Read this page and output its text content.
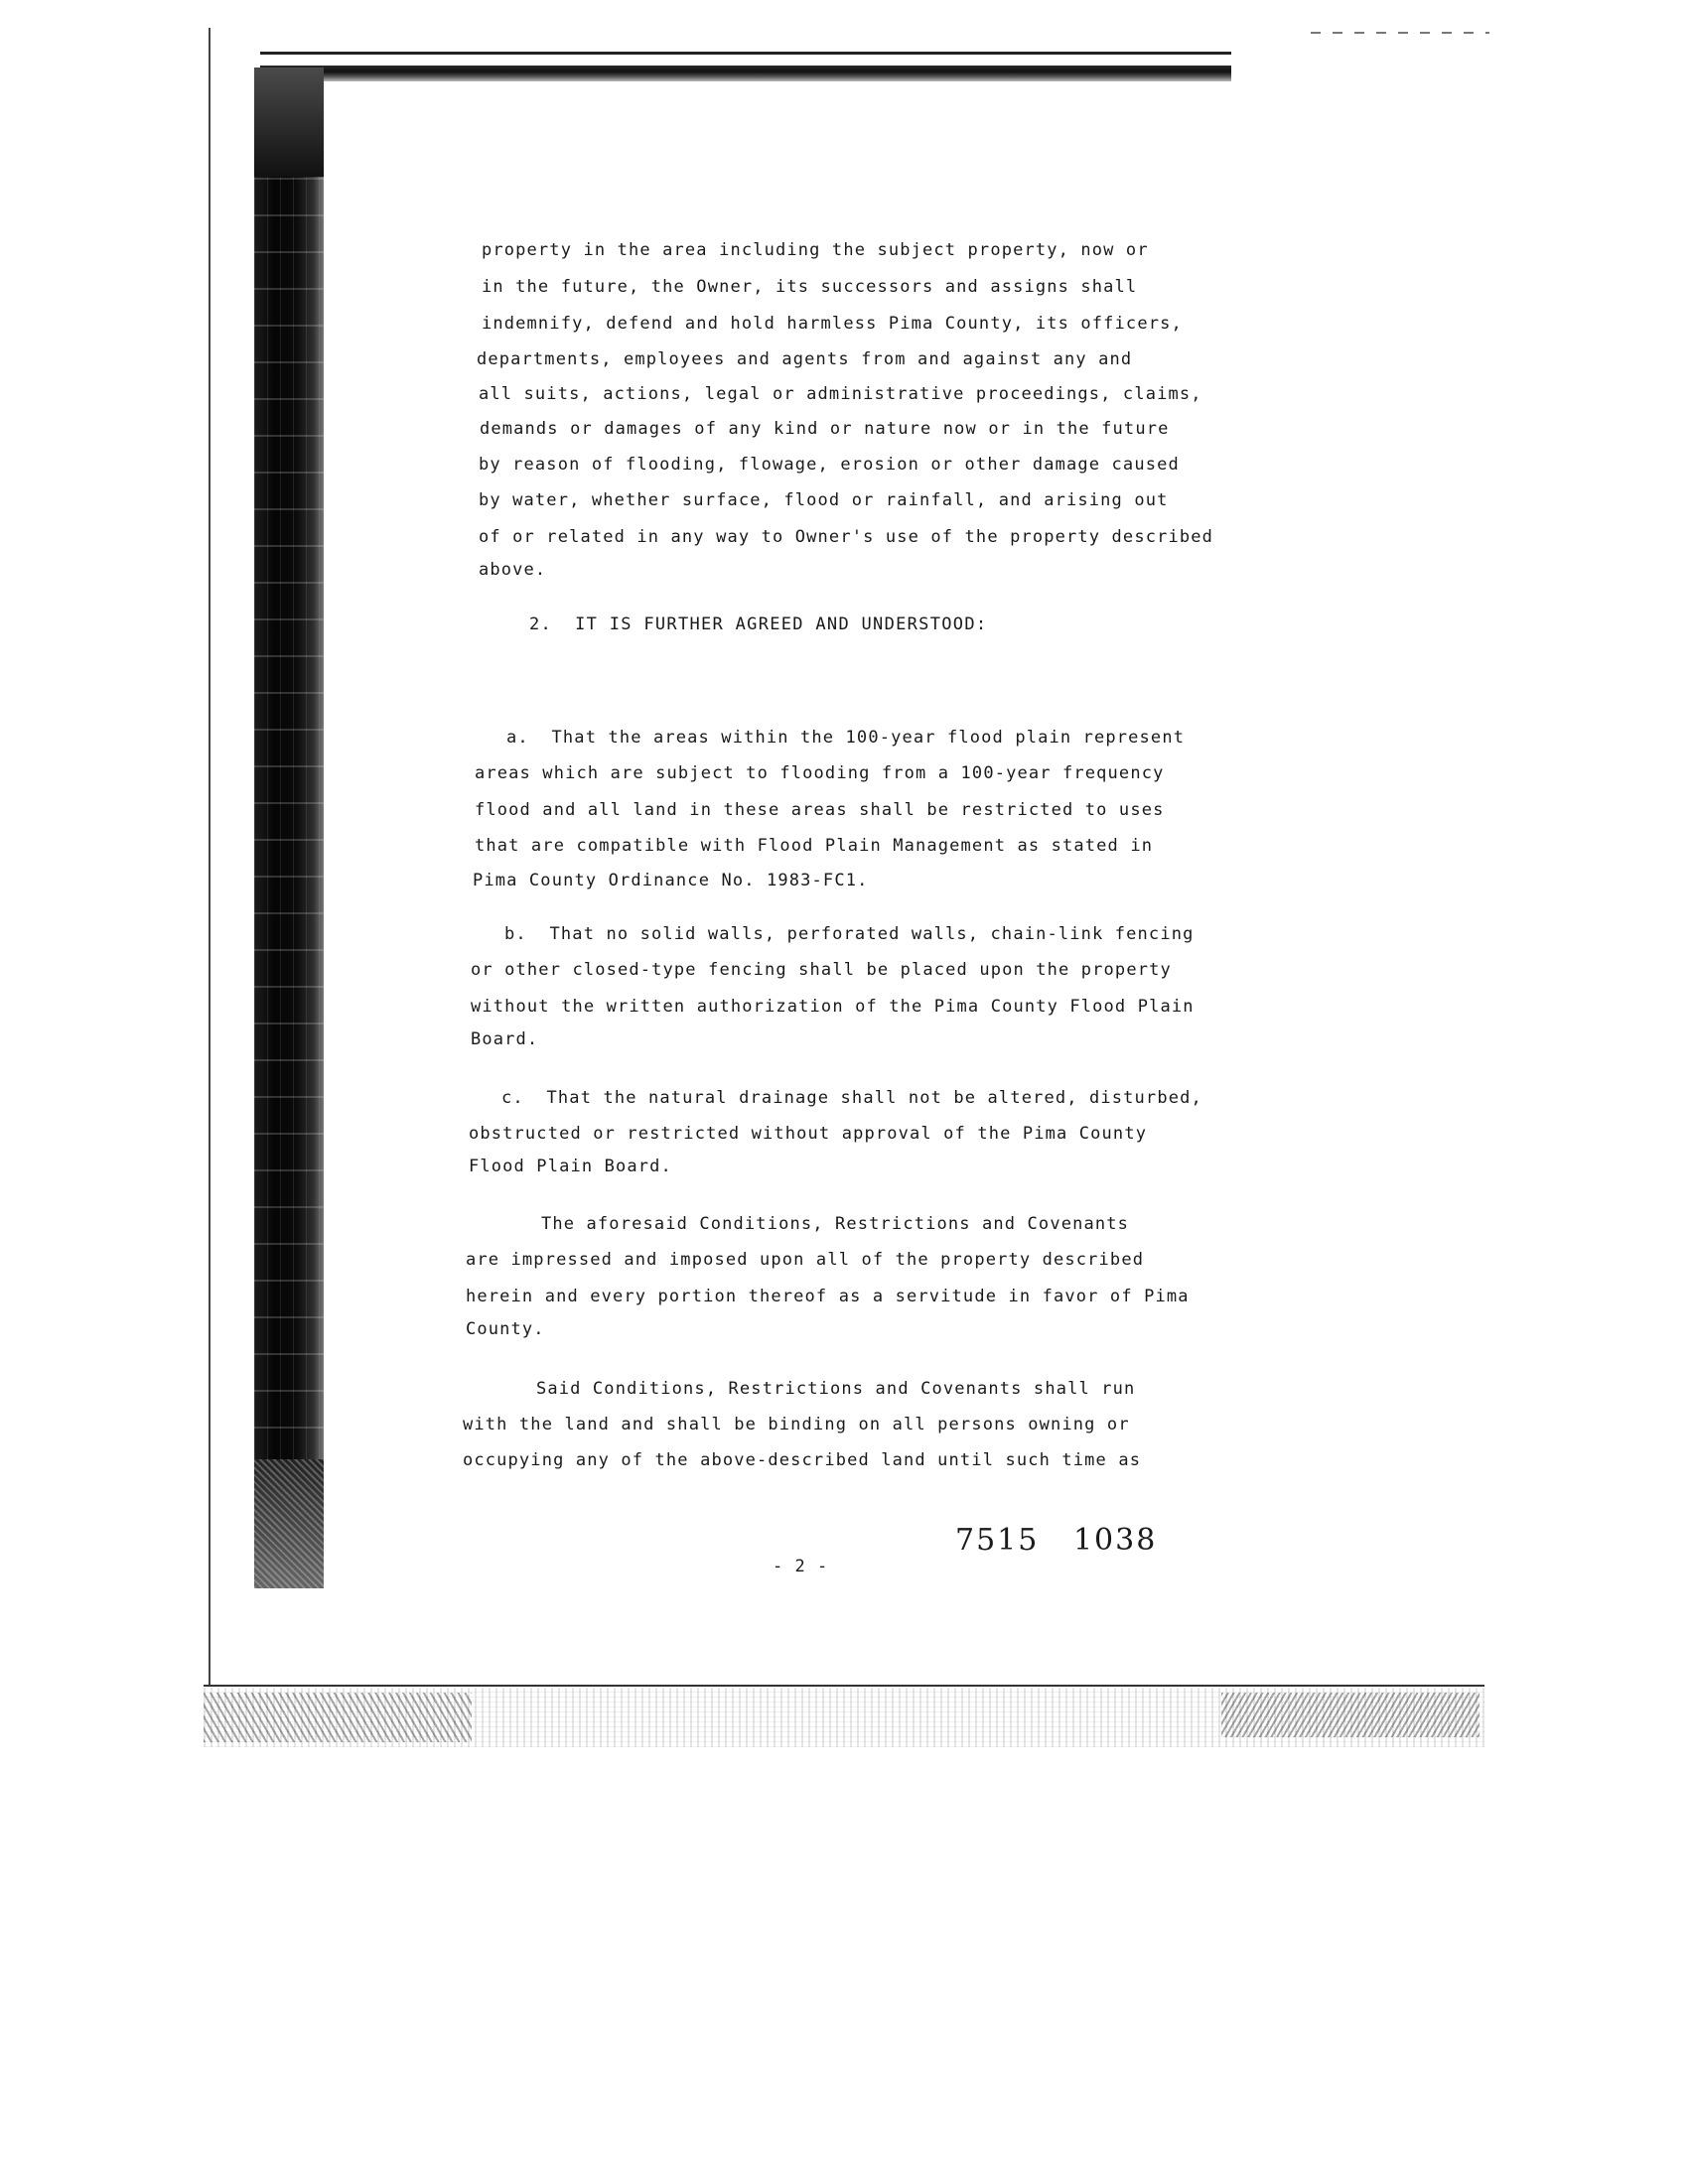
property in the area including the subject property, now or
in the future, the Owner, its successors and assigns shall
indemnify, defend and hold harmless Pima County, its officers,
departments, employees and agents from and against any and
all suits, actions, legal or administrative proceedings, claims,
demands or damages of any kind or nature now or in the future
by reason of flooding, flowage, erosion or other damage caused
by water, whether surface, flood or rainfall, and arising out
of or related in any way to Owner's use of the property described
above.
2.  IT IS FURTHER AGREED AND UNDERSTOOD:
a.  That the areas within the 100-year flood plain represent
areas which are subject to flooding from a 100-year frequency
flood and all land in these areas shall be restricted to uses
that are compatible with Flood Plain Management as stated in
Pima County Ordinance No. 1983-FC1.
b.  That no solid walls, perforated walls, chain-link fencing
or other closed-type fencing shall be placed upon the property
without the written authorization of the Pima County Flood Plain
Board.
c.  That the natural drainage shall not be altered, disturbed,
obstructed or restricted without approval of the Pima County
Flood Plain Board.
The aforesaid Conditions, Restrictions and Covenants
are impressed and imposed upon all of the property described
herein and every portion thereof as a servitude in favor of Pima
County.
Said Conditions, Restrictions and Covenants shall run
with the land and shall be binding on all persons owning or
occupying any of the above-described land until such time as
7515   1038
- 2 -
